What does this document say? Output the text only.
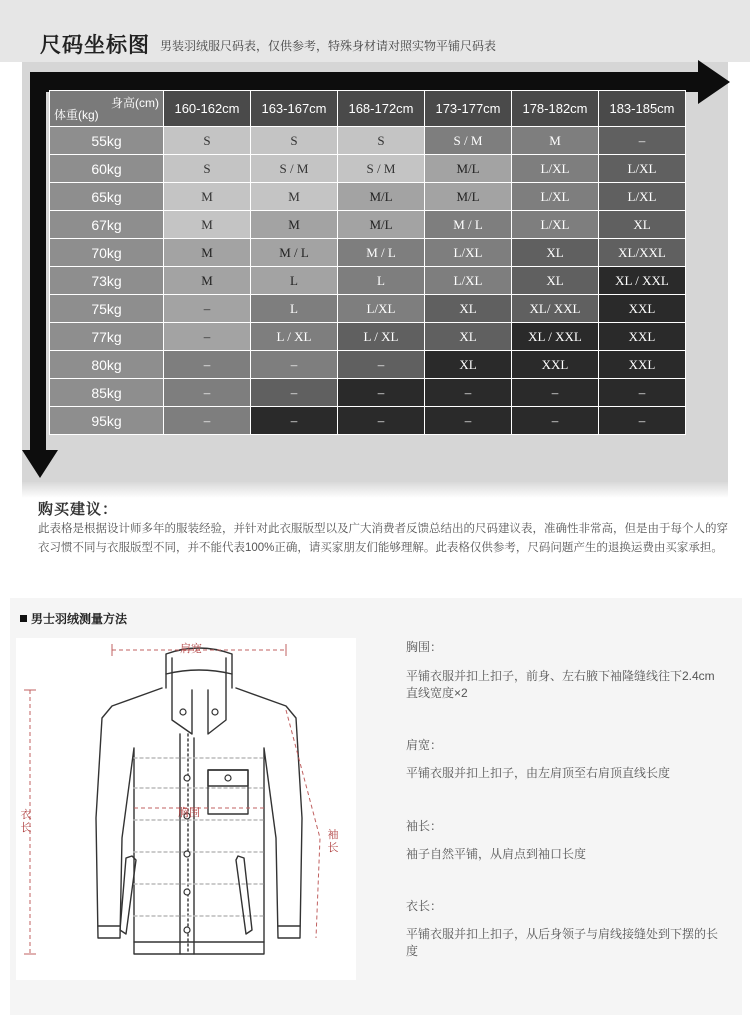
尺码坐标图 男装羽绒服尺码表，仅供参考，特殊身材请对照实物平铺尺码表
身高(cm)
体重(kg)	160-162cm	163-167cm	168-172cm	173-177cm	178-182cm	183-185cm
55kg	S	S	S	S / M	M	–
60kg	S	S / M	S / M	M/L	L/XL	L/XL
65kg	M	M	M/L	M/L	L/XL	L/XL
67kg	M	M	M/L	M / L	L/XL	XL
70kg	M	M / L	M / L	L/XL	XL	XL/XXL
73kg	M	L	L	L/XL	XL	XL / XXL
75kg	–	L	L/XL	XL	XL/ XXL	XXL
77kg	–	L / XL	L / XL	XL	XL / XXL	XXL
80kg	–	–	–	XL	XXL	XXL
85kg	–	–	–	–	–	–
95kg	–	–	–	–	–	–
购买建议：
此表格是根据设计师多年的服装经验，并针对此衣服版型以及广大消费者反馈总结出的尺码建议表，准确性非常高，但是由于每个人的穿衣习惯不同与衣服版型不同，并不能代表100%正确，请买家朋友们能够理解。此表格仅供参考，尺码问题产生的退换运费由买家承担。
男士羽绒测量方法
肩宽
胸围
衣长
袖长
胸围：
平铺衣服并扣上扣子，前身、左右腋下袖隆缝线往下2.4cm直线宽度×2
肩宽：
平铺衣服并扣上扣子，由左肩顶至右肩顶直线长度
袖长：
袖子自然平铺，从肩点到袖口长度
衣长：
平铺衣服并扣上扣子，从后身领子与肩线接缝处到下摆的长度
